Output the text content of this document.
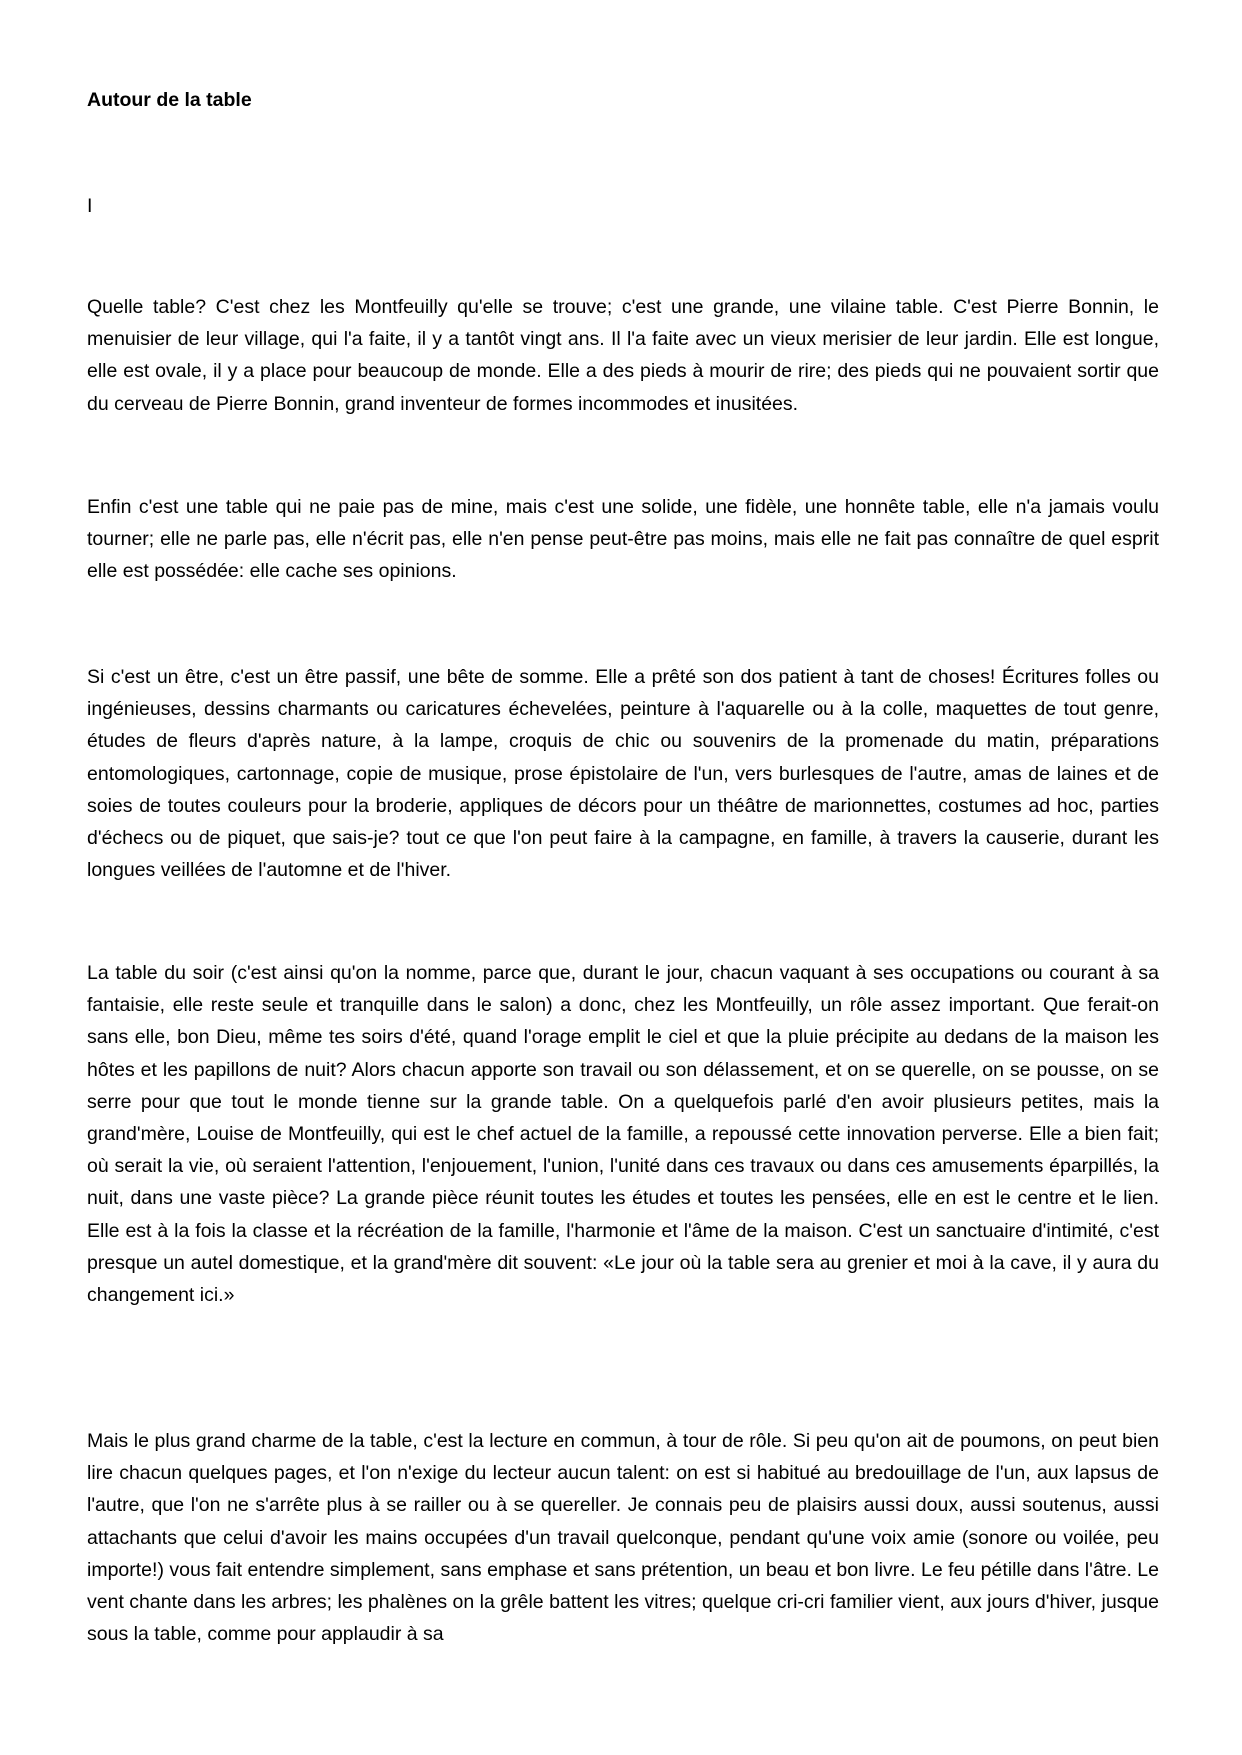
Autour de la table

I

Quelle table? C'est chez les Montfeuilly qu'elle se trouve; c'est une grande, une vilaine table. C'est Pierre Bonnin, le menuisier de leur village, qui l'a faite, il y a tantôt vingt ans. Il l'a faite avec un vieux merisier de leur jardin. Elle est longue, elle est ovale, il y a place pour beaucoup de monde. Elle a des pieds à mourir de rire; des pieds qui ne pouvaient sortir que du cerveau de Pierre Bonnin, grand inventeur de formes incommodes et inusitées.

Enfin c'est une table qui ne paie pas de mine, mais c'est une solide, une fidèle, une honnête table, elle n'a jamais voulu tourner; elle ne parle pas, elle n'écrit pas, elle n'en pense peut-être pas moins, mais elle ne fait pas connaître de quel esprit elle est possédée: elle cache ses opinions.

Si c'est un être, c'est un être passif, une bête de somme. Elle a prêté son dos patient à tant de choses! Écritures folles ou ingénieuses, dessins charmants ou caricatures échevelées, peinture à l'aquarelle ou à la colle, maquettes de tout genre, études de fleurs d'après nature, à la lampe, croquis de chic ou souvenirs de la promenade du matin, préparations entomologiques, cartonnage, copie de musique, prose épistolaire de l'un, vers burlesques de l'autre, amas de laines et de soies de toutes couleurs pour la broderie, appliques de décors pour un théâtre de marionnettes, costumes ad hoc, parties d'échecs ou de piquet, que sais-je? tout ce que l'on peut faire à la campagne, en famille, à travers la causerie, durant les longues veillées de l'automne et de l'hiver.

La table du soir (c'est ainsi qu'on la nomme, parce que, durant le jour, chacun vaquant à ses occupations ou courant à sa fantaisie, elle reste seule et tranquille dans le salon) a donc, chez les Montfeuilly, un rôle assez important. Que ferait-on sans elle, bon Dieu, même tes soirs d'été, quand l'orage emplit le ciel et que la pluie précipite au dedans de la maison les hôtes et les papillons de nuit? Alors chacun apporte son travail ou son délassement, et on se querelle, on se pousse, on se serre pour que tout le monde tienne sur la grande table. On a quelquefois parlé d'en avoir plusieurs petites, mais la grand'mère, Louise de Montfeuilly, qui est le chef actuel de la famille, a repoussé cette innovation perverse. Elle a bien fait; où serait la vie, où seraient l'attention, l'enjouement, l'union, l'unité dans ces travaux ou dans ces amusements éparpillés, la nuit, dans une vaste pièce? La grande pièce réunit toutes les études et toutes les pensées, elle en est le centre et le lien. Elle est à la fois la classe et la récréation de la famille, l'harmonie et l'âme de la maison. C'est un sanctuaire d'intimité, c'est presque un autel domestique, et la grand'mère dit souvent: «Le jour où la table sera au grenier et moi à la cave, il y aura du changement ici.»

Mais le plus grand charme de la table, c'est la lecture en commun, à tour de rôle. Si peu qu'on ait de poumons, on peut bien lire chacun quelques pages, et l'on n'exige du lecteur aucun talent: on est si habitué au bredouillage de l'un, aux lapsus de l'autre, que l'on ne s'arrête plus à se railler ou à se quereller. Je connais peu de plaisirs aussi doux, aussi soutenus, aussi attachants que celui d'avoir les mains occupées d'un travail quelconque, pendant qu'une voix amie (sonore ou voilée, peu importe!) vous fait entendre simplement, sans emphase et sans prétention, un beau et bon livre. Le feu pétille dans l'âtre. Le vent chante dans les arbres; les phalènes on la grêle battent les vitres; quelque cri-cri familier vient, aux jours d'hiver, jusque sous la table, comme pour applaudir à sa
